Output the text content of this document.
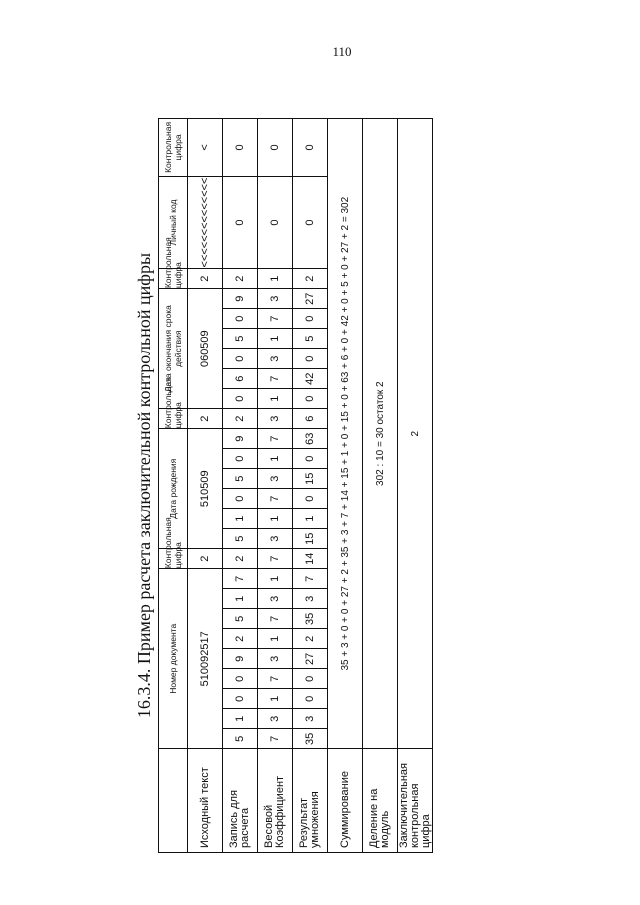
110
16.3.4. Пример расчета заключительной контрольной цифры
		Номер документа									Контрольная цифра	Дата рождения						Контрольная цифра	Дата окончания срока действия						Контрольная цифра	Личный код	Контрольная цифра
Исходный текст	510092517									2	510509						2	060509						2	<<<<<<<<<<<<<<	<
Запись для расчета	5	1	0	0	9	2	5	1	7	2	5	1	0	5	0	9	2	0	6	0	5	0	9	2	0	0
Весовой Коэффициент	7	3	1	7	3	1	7	3	1	7	3	1	7	3	1	7	3	1	7	3	1	7	3	1	0	0
Результат умножения	35	3	0	0	27	2	35	3	7	14	15	1	0	15	0	63	6	0	42	0	5	0	27	2	0	0
Суммирование	35 + 3 + 0 + 0 + 27 + 2 + 35 + 3 + 7 + 14 + 15 + 1 + 0 + 15 + 0 + 63 + 6 + 0 + 42 + 0 + 5 + 0 + 27 + 2 = 302																									
Деление на модуль	302 : 10 = 30 остаток 2																									
Заключительная контрольная цифра	2																									
